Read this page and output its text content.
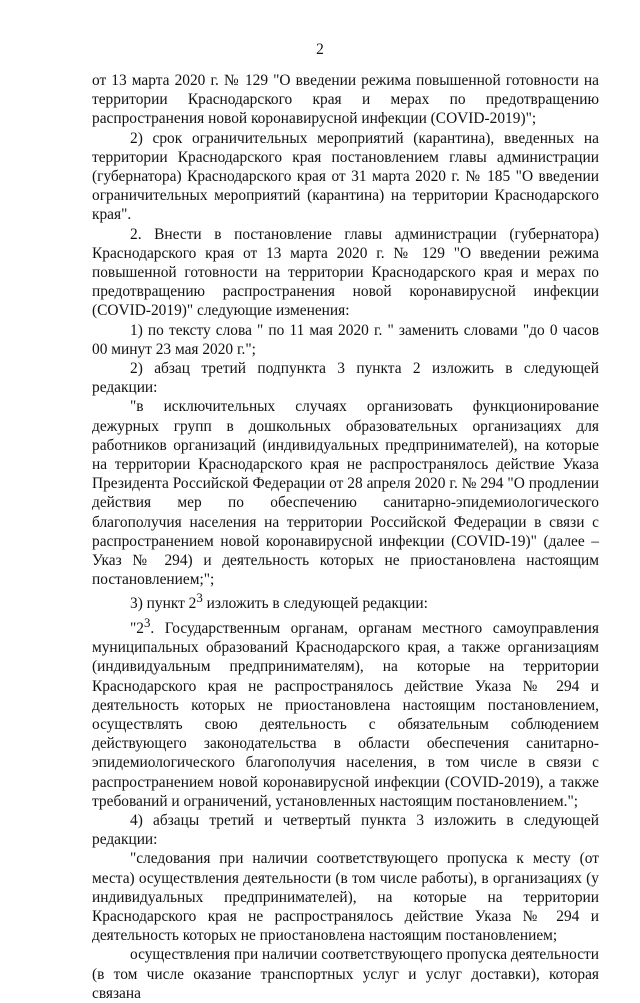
2

от 13 марта 2020 г. № 129 "О введении режима повышенной готовности на территории Краснодарского края и мерах по предотвращению распространения новой коронавирусной инфекции (COVID-2019)";

2) срок ограничительных мероприятий (карантина), введенных на территории Краснодарского края постановлением главы администрации (губернатора) Краснодарского края от 31 марта 2020 г. № 185 "О введении ограничительных мероприятий (карантина) на территории Краснодарского края".

2. Внести в постановление главы администрации (губернатора) Краснодарского края от 13 марта 2020 г. № 129 "О введении режима повышенной готовности на территории Краснодарского края и мерах по предотвращению распространения новой коронавирусной инфекции (COVID-2019)" следующие изменения:

1) по тексту слова " по 11 мая 2020 г. " заменить словами "до 0 часов 00 минут 23 мая 2020 г.";

2) абзац третий подпункта 3 пункта 2 изложить в следующей редакции:

"в исключительных случаях организовать функционирование дежурных групп в дошкольных образовательных организациях для работников организаций (индивидуальных предпринимателей), на которые на территории Краснодарского края не распространялось действие Указа Президента Российской Федерации от 28 апреля 2020 г. № 294 "О продлении действия мер по обеспечению санитарно-эпидемиологического благополучия населения на территории Российской Федерации в связи с распространением новой коронавирусной инфекции (COVID-19)" (далее – Указ № 294) и деятельность которых не приостановлена настоящим постановлением;";

3) пункт $2^3$ изложить в следующей редакции:

"$2^3$. Государственным органам, органам местного самоуправления муниципальных образований Краснодарского края, а также организациям (индивидуальным предпринимателям), на которые на территории Краснодарского края не распространялось действие Указа № 294 и деятельность которых не приостановлена настоящим постановлением, осуществлять свою деятельность с обязательным соблюдением действующего законодательства в области обеспечения санитарно-эпидемиологического благополучия населения, в том числе в связи с распространением новой коронавирусной инфекции (COVID-2019), а также требований и ограничений, установленных настоящим постановлением.";

4) абзацы третий и четвертый пункта 3 изложить в следующей редакции:

"следования при наличии соответствующего пропуска к месту (от места) осуществления деятельности (в том числе работы), в организациях (у индивидуальных предпринимателей), на которые на территории Краснодарского края не распространялось действие Указа № 294 и деятельность которых не приостановлена настоящим постановлением;

осуществления при наличии соответствующего пропуска деятельности (в том числе оказание транспортных услуг и услуг доставки), которая связана
